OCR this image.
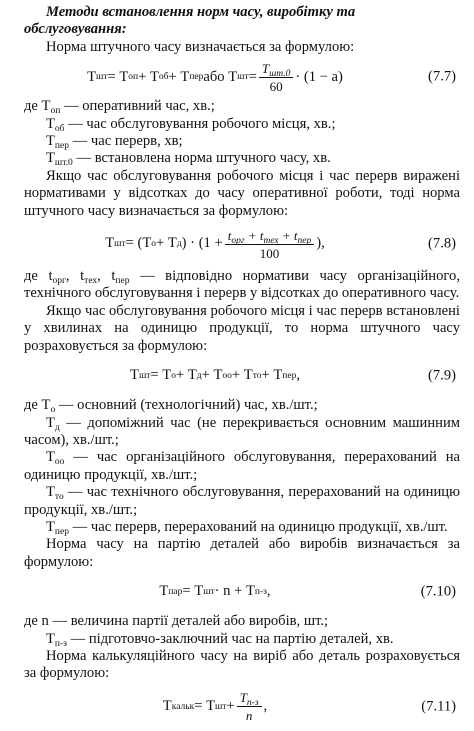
Методи встановлення норм часу, виробітку та обслуговування:

Норма штучного часу визначається за формулою:

Т шт = Т оп + Т об + Т пер або Т шт = $\frac{Т_{шт.0}}{60} \cdot (1 - a)$	(7.7)

де $Т_{оп}$ — оперативний час, хв.;

$Т_{об}$ — час обслуговування робочого місця, хв.;

$Т_{пер}$ — час перерв, хв;

$Т_{шт.0}$ — встановлена норма штучного часу, хв.

Якщо час обслуговування робочого місця і час перерв виражені нормативами у відсотках до часу оперативної роботи, тоді норма штучного часу визначається за формулою:

Т шт = (Т о + Т д ) · ($1 + \frac{t_{орг} + t_{тех} + t_{пер}}{100}$ ),	(7.8)

де $t_{орг}$, $t_{тех}$, $t_{пер}$ — відповідно нормативи часу організаційного, технічного обслуговування і перерв у відсотках до оперативного часу.

Якщо час обслуговування робочого місця і час перерв встановлені у хвилинах на одиницю продукції, то норма штучного часу розраховується за формулою:

Т шт = Т о + Т д + Т оо + Т то + Т пер ,	(7.9)

де $Т_о$ — основний (технологічний) час, хв./шт.;

$Т_д$ — допоміжний час (не перекривається основним машинним часом), хв./шт.;

$Т_{оо}$ — час організаційного обслуговування, перерахований на одиницю продукції, хв./шт.;

$Т_{то}$ — час технічного обслуговування, перерахований на одиницю продукції, хв./шт.;

$Т_{пер}$ — час перерв, перерахований на одиницю продукції, хв./шт.

Норма часу на партію деталей або виробів визначається за формулою:

Т пар = Т шт · n + Т п-з ,	(7.10)

де n — величина партії деталей або виробів, шт.;

$Т_{п-з}$ — підготовчо-заключний час на партію деталей, хв.

Норма калькуляційного часу на виріб або деталь розраховується за формулою:

Т кальк = Т шт + $\frac{Т_{п-з}}{n}$ ,	(7.11)
